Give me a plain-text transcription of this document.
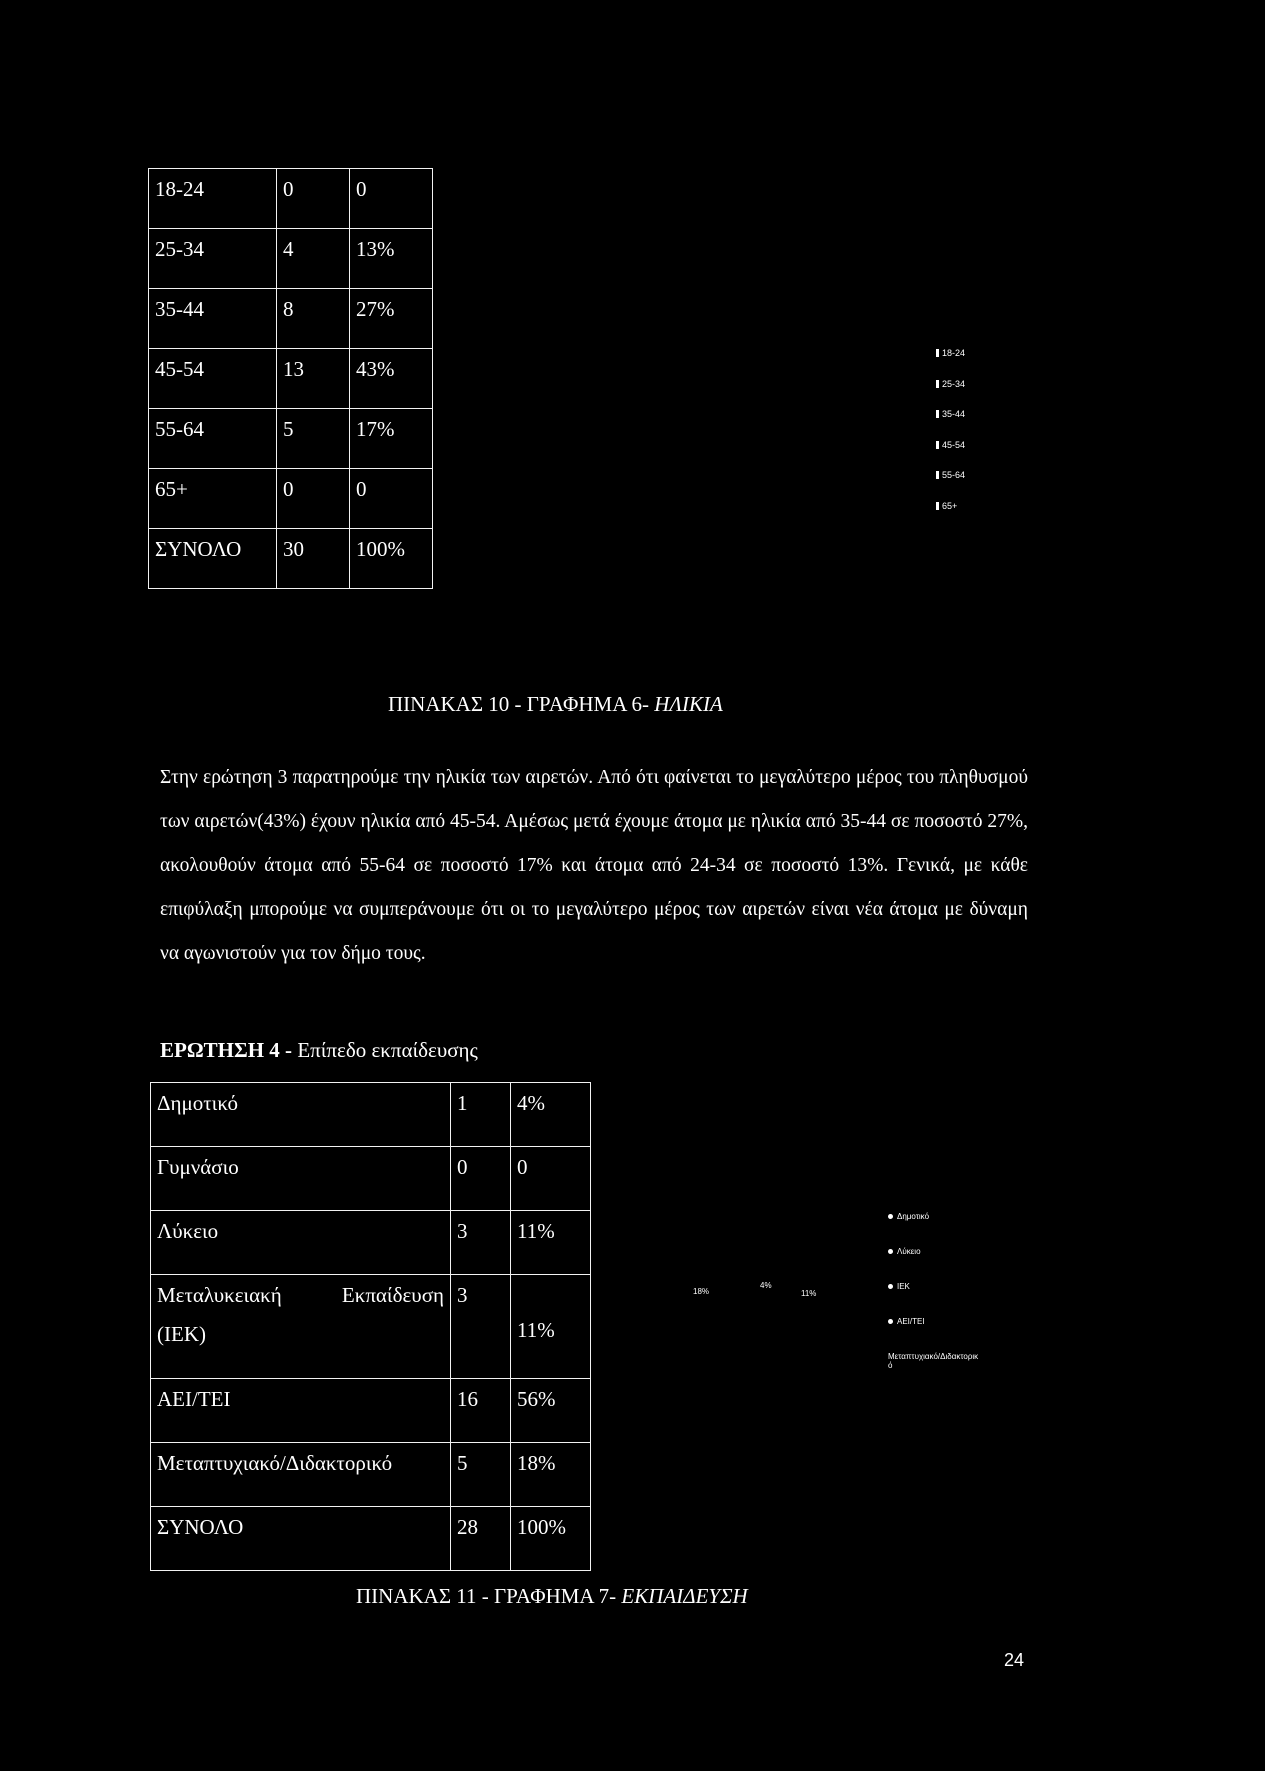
18-24	0	0
25-34	4	13%
35-44	8	27%
45-54	13	43%
55-64	5	17%
65+	0	0
ΣΥΝΟΛΟ	30	100%
18-24
25-34
35-44
45-54
55-64
65+
ΠΙΝΑΚΑΣ 10 - ΓΡΑΦΗΜΑ 6- ΗΛΙΚΙΑ
Στην ερώτηση 3 παρατηρούμε την ηλικία των αιρετών. Από ότι φαίνεται το μεγαλύτερο μέρος του πληθυσμού των αιρετών(43%) έχουν ηλικία από 45-54. Αμέσως μετά έχουμε άτομα με ηλικία από 35-44 σε ποσοστό 27%, ακολουθούν άτομα από 55-64 σε ποσοστό 17% και άτομα από 24-34 σε ποσοστό 13%. Γενικά, με κάθε επιφύλαξη μπορούμε να συμπεράνουμε ότι οι το μεγαλύτερο μέρος των αιρετών είναι νέα άτομα με δύναμη να αγωνιστούν για τον δήμο τους.
ΕΡΩΤΗΣΗ 4 - Επίπεδο εκπαίδευσης
Δημοτικό	1	4%
Γυμνάσιο	0	0
Λύκειο	3	11%

Μεταλυκειακή Εκπαίδευση
(ΙΕΚ)	3	11%
ΑΕΙ/ΤΕΙ	16	56%
Μεταπτυχιακό/Διδακτορικό	5	18%
ΣΥΝΟΛΟ	28	100%
18%
4%
11%
Δημοτικό
Λύκειο
ΙΕΚ
ΑΕΙ/ΤΕΙ
Μεταπτυχιακό/Διδακτορικ
ό
ΠΙΝΑΚΑΣ 11 - ΓΡΑΦΗΜΑ 7- ΕΚΠΑΙΔΕΥΣΗ
24
